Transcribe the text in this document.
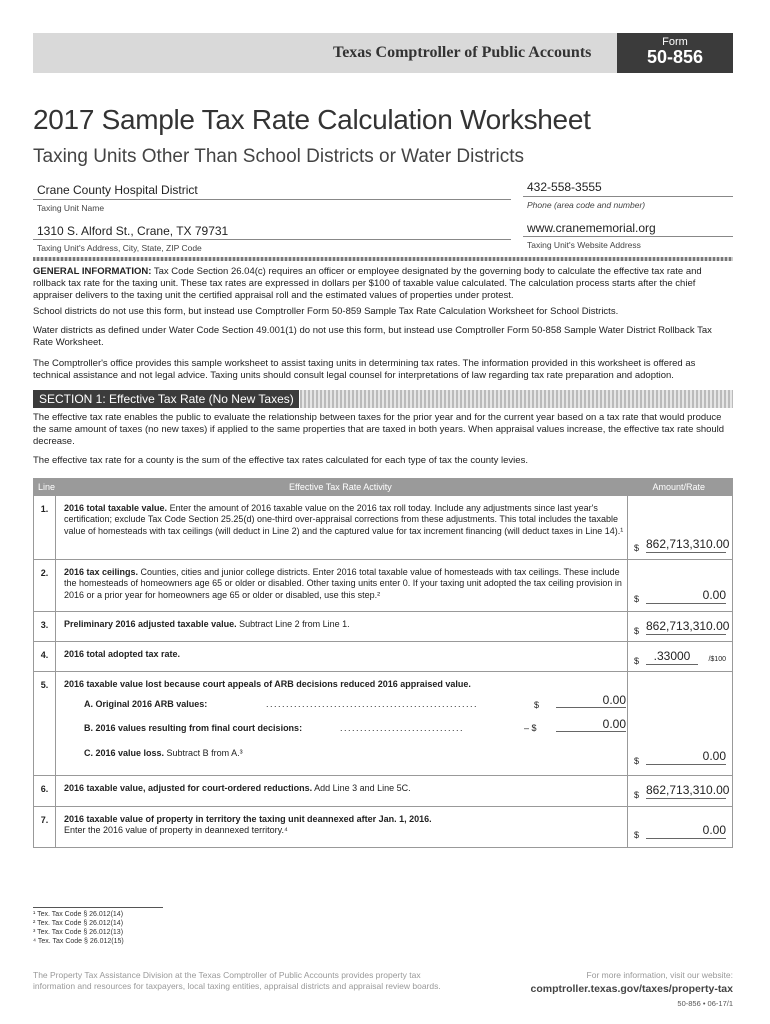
Texas Comptroller of Public Accounts
Form
50-856
2017 Sample Tax Rate Calculation Worksheet
Taxing Units Other Than School Districts or Water Districts
Crane County Hospital District
Taxing Unit Name
432-558-3555
Phone (area code and number)
1310 S. Alford St., Crane, TX 79731
Taxing Unit's Address, City, State, ZIP Code
www.cranememorial.org
Taxing Unit's Website Address
GENERAL INFORMATION: Tax Code Section 26.04(c) requires an officer or employee designated by the governing body to calculate the effective tax rate and rollback tax rate for the taxing unit. These tax rates are expressed in dollars per $100 of taxable value calculated. The calculation process starts after the chief appraiser delivers to the taxing unit the certified appraisal roll and the estimated values of properties under protest.
School districts do not use this form, but instead use Comptroller Form 50-859 Sample Tax Rate Calculation Worksheet for School Districts.
Water districts as defined under Water Code Section 49.001(1) do not use this form, but instead use Comptroller Form 50-858 Sample Water District Rollback Tax Rate Worksheet.
The Comptroller's office provides this sample worksheet to assist taxing units in determining tax rates. The information provided in this worksheet is offered as technical assistance and not legal advice. Taxing units should consult legal counsel for interpretations of law regarding tax rate preparation and adoption.
SECTION 1: Effective Tax Rate (No New Taxes)
The effective tax rate enables the public to evaluate the relationship between taxes for the prior year and for the current year based on a tax rate that would produce the same amount of taxes (no new taxes) if applied to the same properties that are taxed in both years. When appraisal values increase, the effective tax rate should decrease.
The effective tax rate for a county is the sum of the effective tax rates calculated for each type of tax the county levies.
Line	Effective Tax Rate Activity	Amount/Rate
1.	2016 total taxable value. Enter the amount of 2016 taxable value on the 2016 tax roll today. Include any adjustments since last year's certification; exclude Tax Code Section 25.25(d) one-third over-appraisal corrections from these adjustments. This total includes the taxable value of homesteads with tax ceilings (will deduct in Line 2) and the captured value for tax increment financing (will deduct taxes in Line 14).¹
$ 862,713,310.00
2.	2016 tax ceilings. Counties, cities and junior college districts. Enter 2016 total taxable value of homesteads with tax ceilings. These include the homesteads of homeowners age 65 or older or disabled. Other taxing units enter 0. If your taxing unit adopted the tax ceiling provision in 2016 or a prior year for homeowners age 65 or older or disabled, use this step.²	$	0.00
3.	Preliminary 2016 adjusted taxable value. Subtract Line 2 from Line 1.
$ 862,713,310.00
4.	2016 total adopted tax rate.
$	.33000	/$100
5.	2016 taxable value lost because court appeals of ARB decisions reduced 2016 appraised value.
A. Original 2016 ARB values:	. . . . . . . . . . . . . . . . . . . . . . . . . . . . . . . . . . . . . . . . . . . . . . . . . . . . .	$	0.00
B. 2016 values resulting from final court decisions:	. . . . . . . . . . . . . . . . . . . . . . . . . . . . . . .	– $	0.00
C. 2016 value loss. Subtract B from A.³
$	0.00
6.	2016 taxable value, adjusted for court-ordered reductions. Add Line 3 and Line 5C.
$ 862,713,310.00
7.	2016 taxable value of property in territory the taxing unit deannexed after Jan. 1, 2016.
Enter the 2016 value of property in deannexed territory.⁴	$	0.00
¹ Tex. Tax Code § 26.012(14)
² Tex. Tax Code § 26.012(14)
³ Tex. Tax Code § 26.012(13)
⁴ Tex. Tax Code § 26.012(15)
The Property Tax Assistance Division at the Texas Comptroller of Public Accounts provides property tax information and resources for taxpayers, local taxing entities, appraisal districts and appraisal review boards.
For more information, visit our website:
comptroller.texas.gov/taxes/property-tax
50-856 • 06-17/1
